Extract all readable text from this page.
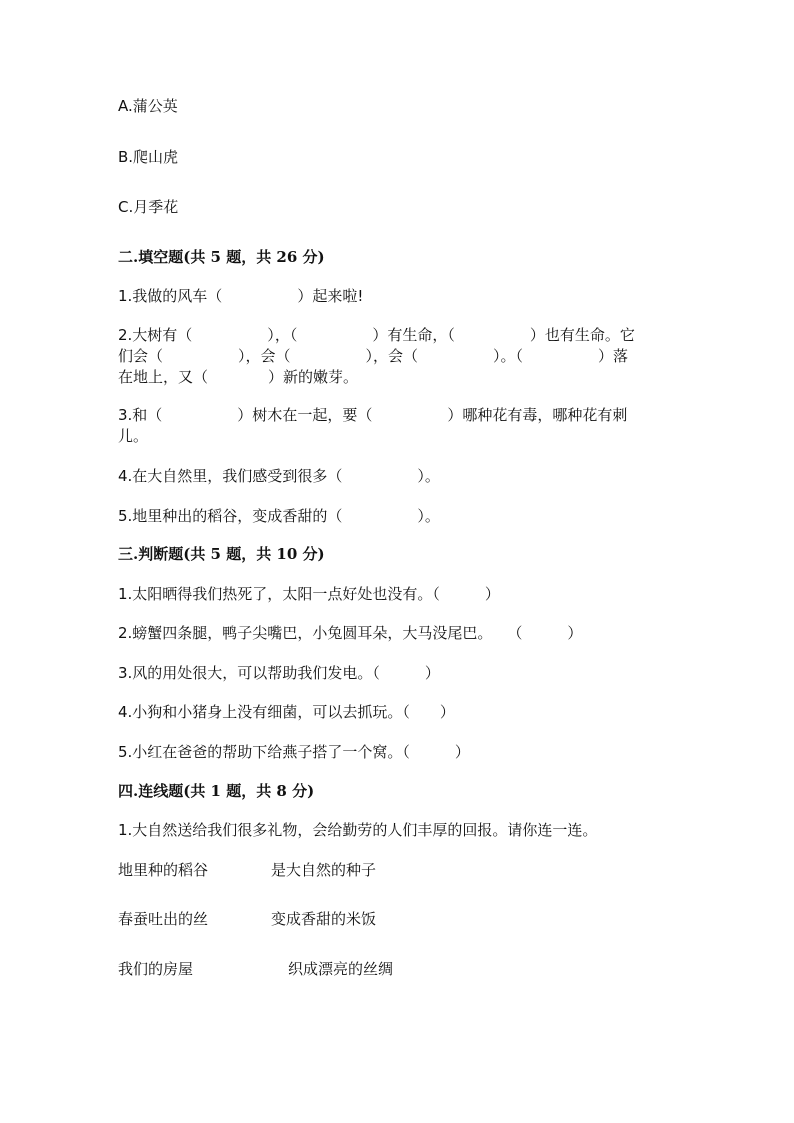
A.蒲公英
B.爬山虎
C.月季花
二.填空题(共 5 题，共 26 分)
1.我做的风车（　　　　　）起来啦!
2.大树有（　　　　　），（　　　　　）有生命，（　　　　　）也有生命。它
们会（　　　　　），会（　　　　　），会（　　　　　）。（　　　　　）落
在地上，又（　　　　）新的嫩芽。
3.和（　　　　　）树木在一起，要（　　　　　）哪种花有毒，哪种花有刺
儿。
4.在大自然里，我们感受到很多（　　　　　）。
5.地里种出的稻谷，变成香甜的（　　　　　）。
三.判断题(共 5 题，共 10 分)
1.太阳晒得我们热死了，太阳一点好处也没有。（　　　）
2.螃蟹四条腿，鸭子尖嘴巴，小兔圆耳朵，大马没尾巴。　　（　　　）
3.风的用处很大，可以帮助我们发电。（　　　）
4.小狗和小猪身上没有细菌，可以去抓玩。（　　）
5.小红在爸爸的帮助下给燕子搭了一个窝。（　　　）
四.连线题(共 1 题，共 8 分)
1.大自然送给我们很多礼物，会给勤劳的人们丰厚的回报。请你连一连。
地里种的稻谷	是大自然的种子
春蚕吐出的丝	变成香甜的米饭
我们的房屋	织成漂亮的丝绸
